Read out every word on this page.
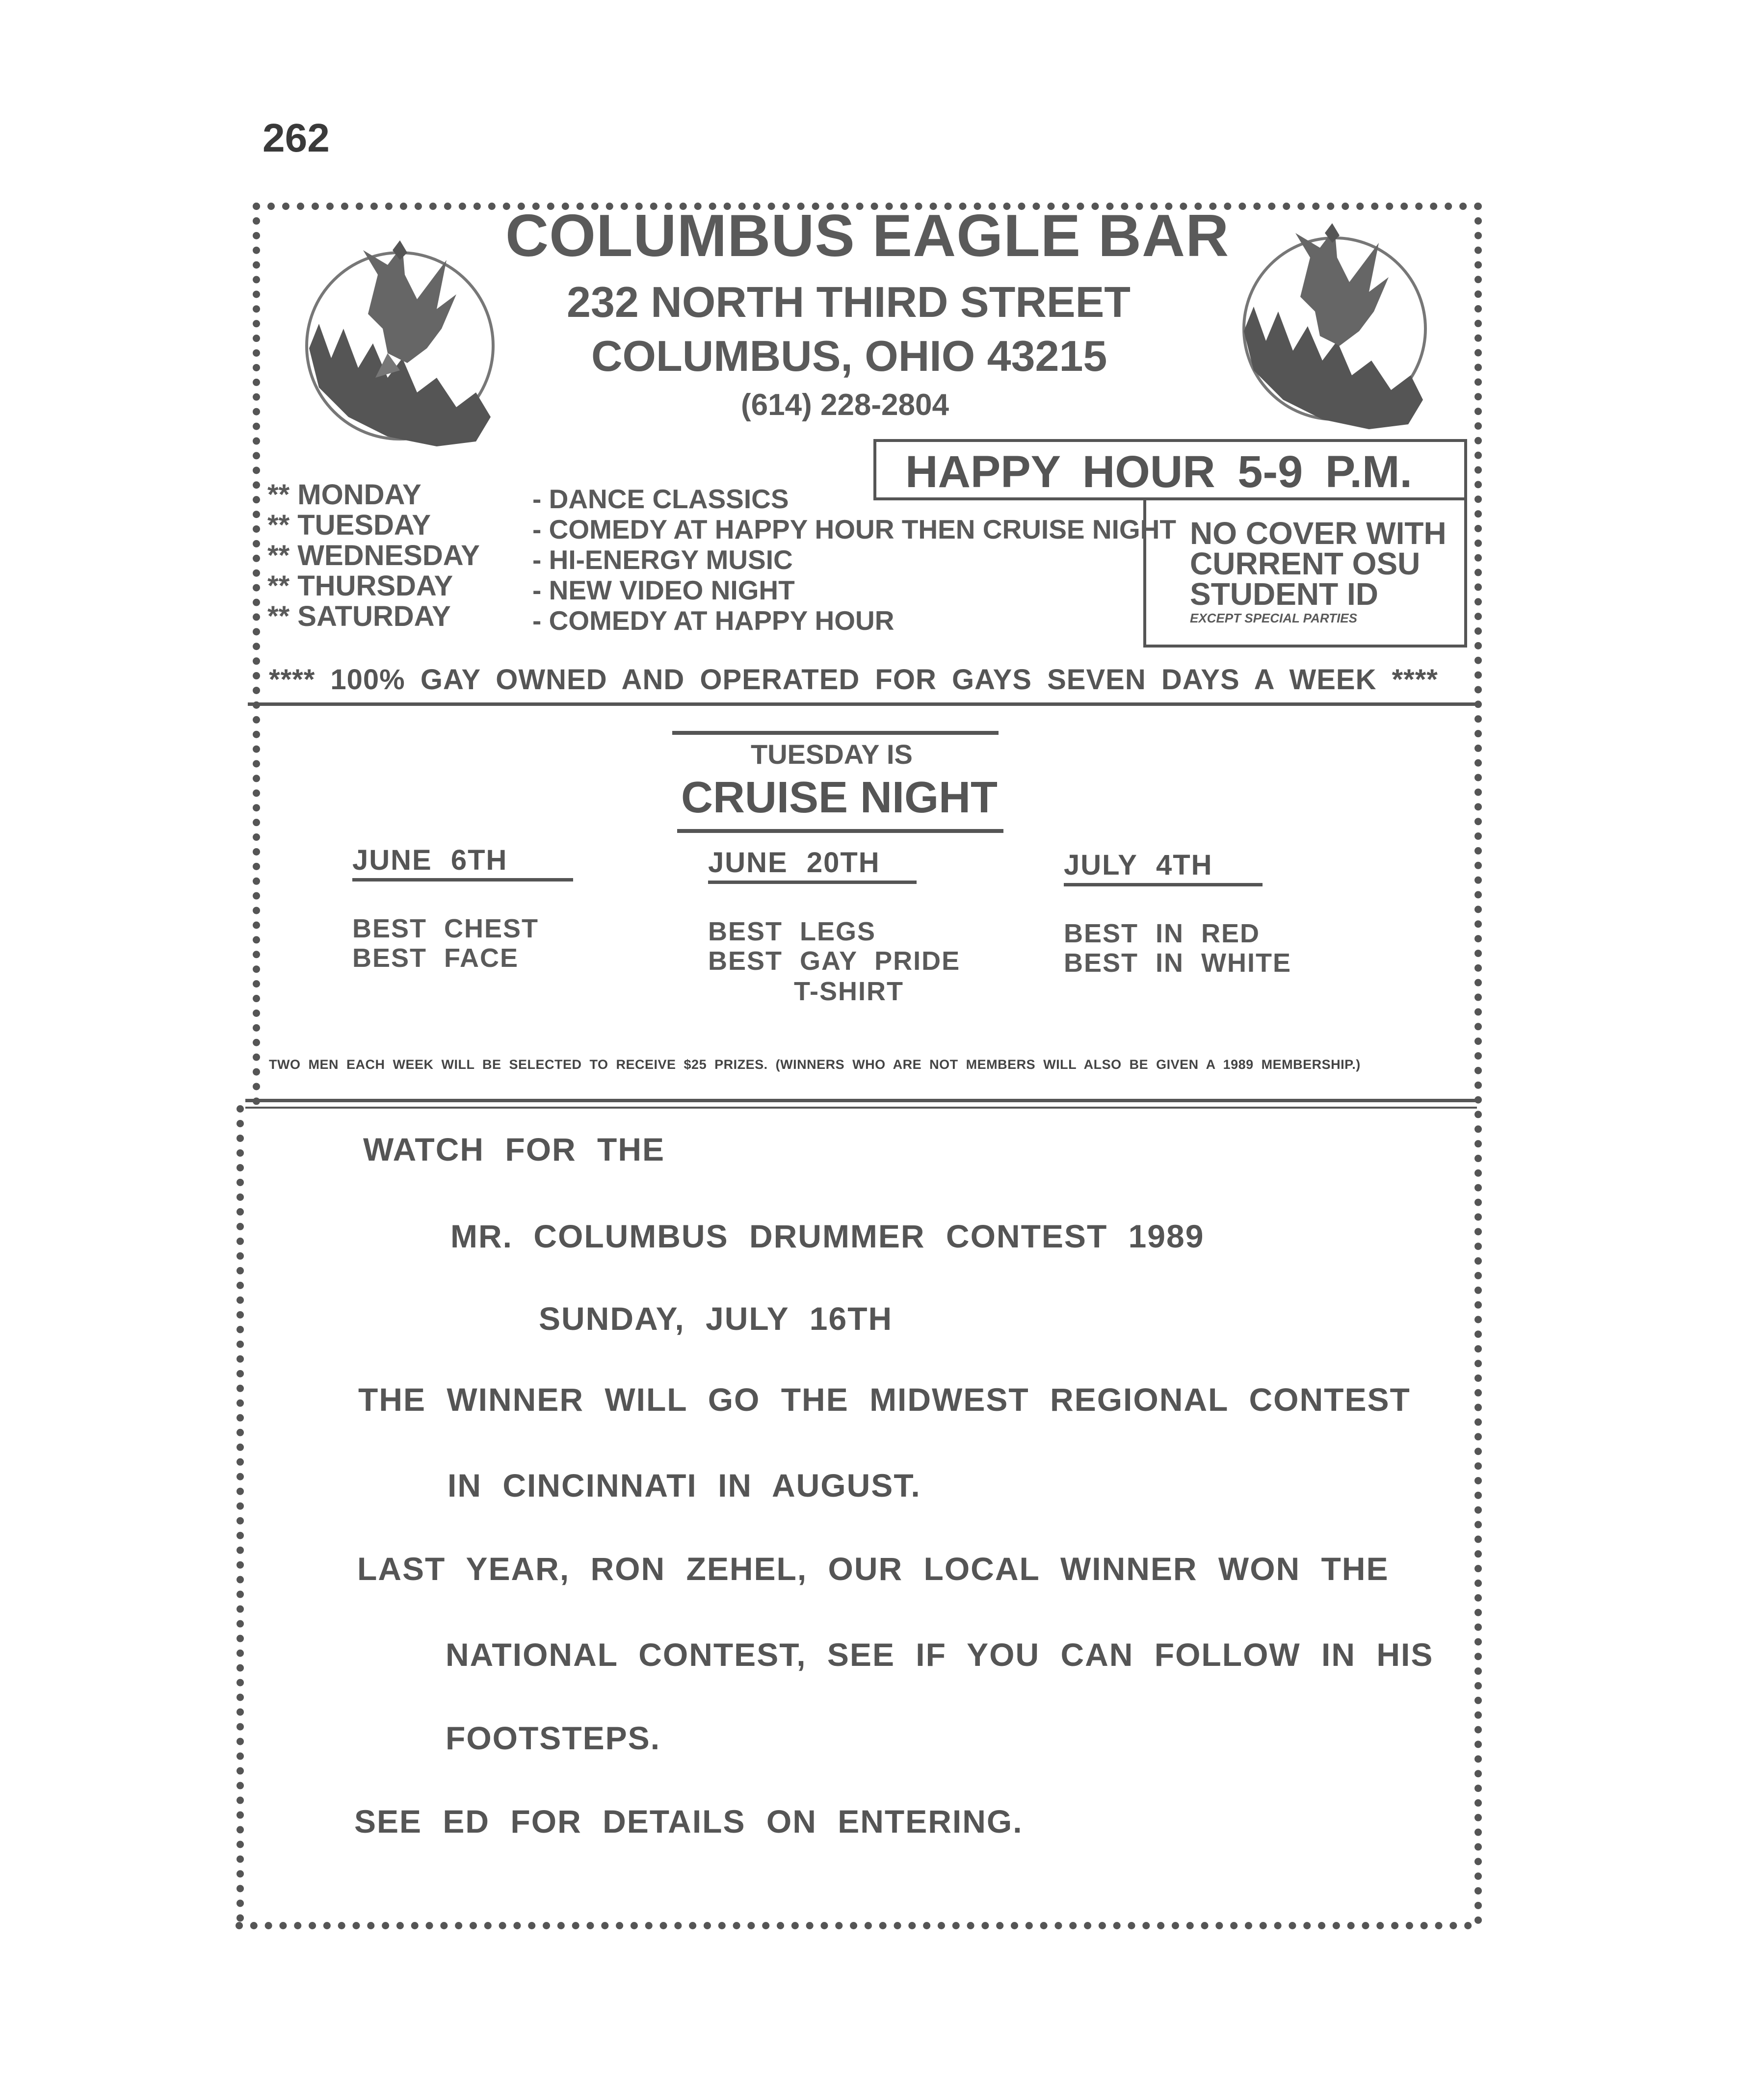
262
COLUMBUS EAGLE BAR
232 NORTH THIRD STREET
COLUMBUS, OHIO 43215
(614) 228-2804
HAPPY HOUR 5-9 P.M.
NO COVER WITH
CURRENT OSU
STUDENT ID
EXCEPT SPECIAL PARTIES
** MONDAY
** TUESDAY
** WEDNESDAY
** THURSDAY
** SATURDAY
- DANCE CLASSICS
- COMEDY AT HAPPY HOUR THEN CRUISE NIGHT
- HI-ENERGY MUSIC
- NEW VIDEO NIGHT
- COMEDY AT HAPPY HOUR
**** 100% GAY OWNED AND OPERATED FOR GAYS SEVEN DAYS A WEEK ****
TUESDAY IS
CRUISE NIGHT
JUNE 6TH	JUNE 20TH	JULY 4TH
BEST CHEST
BEST FACE
BEST LEGS
BEST GAY PRIDE
T-SHIRT
BEST IN RED
BEST IN WHITE
TWO MEN EACH WEEK WILL BE SELECTED TO RECEIVE $25 PRIZES. (WINNERS WHO ARE NOT MEMBERS WILL ALSO BE GIVEN A 1989 MEMBERSHIP.)
WATCH FOR THE
MR. COLUMBUS DRUMMER CONTEST 1989
SUNDAY, JULY 16TH
THE WINNER WILL GO THE MIDWEST REGIONAL CONTEST
IN CINCINNATI IN AUGUST.
LAST YEAR, RON ZEHEL, OUR LOCAL WINNER WON THE
NATIONAL CONTEST, SEE IF YOU CAN FOLLOW IN HIS
FOOTSTEPS.
SEE ED FOR DETAILS ON ENTERING.
